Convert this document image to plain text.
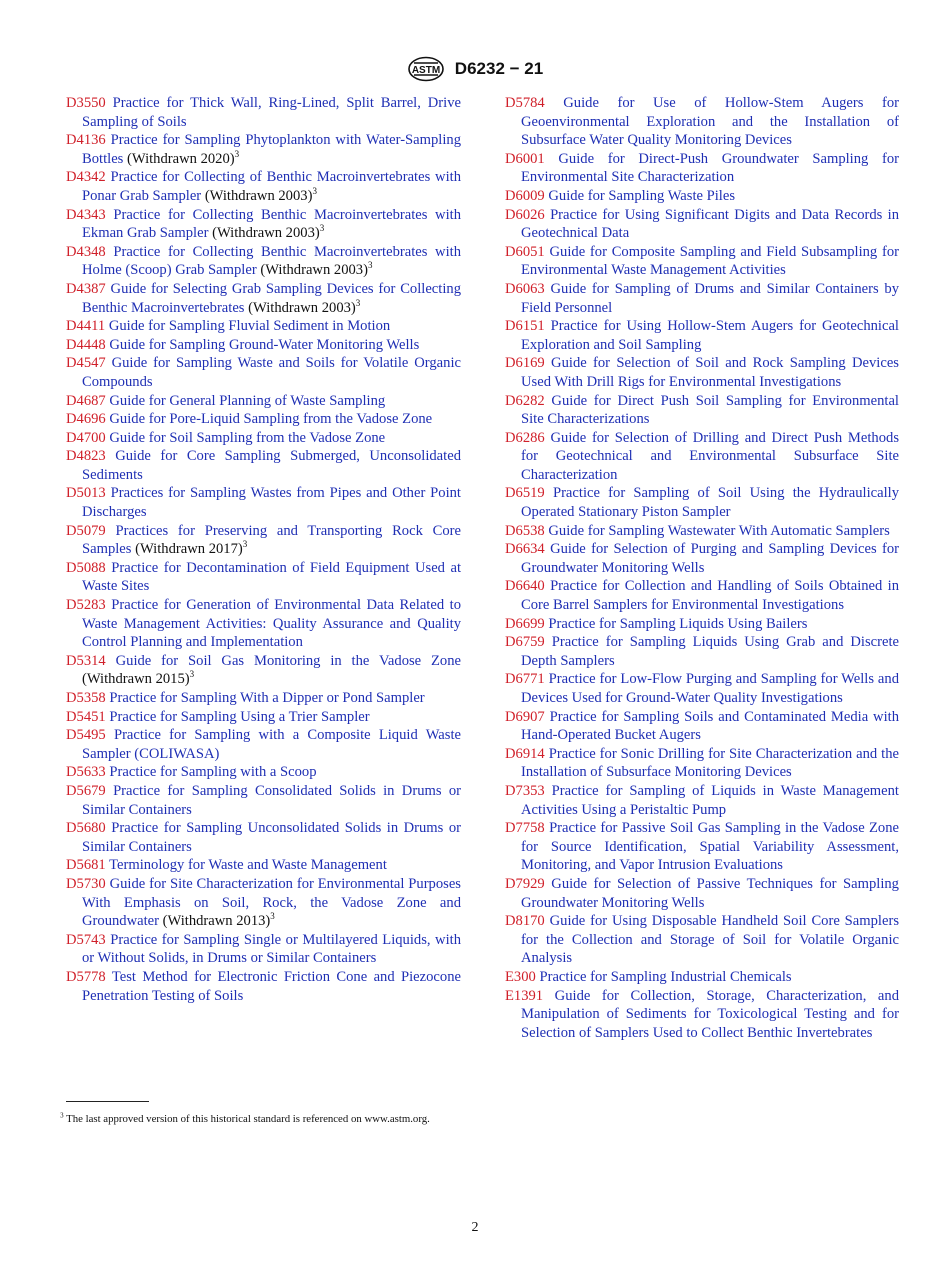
ASTM D6232 − 21

D3550 Practice for Thick Wall, Ring-Lined, Split Barrel, Drive Sampling of Soils

D4136 Practice for Sampling Phytoplankton with Water-Sampling Bottles (Withdrawn 2020)$^3$

D4342 Practice for Collecting of Benthic Macroinvertebrates with Ponar Grab Sampler (Withdrawn 2003)$^3$

D4343 Practice for Collecting Benthic Macroinvertebrates with Ekman Grab Sampler (Withdrawn 2003)$^3$

D4348 Practice for Collecting Benthic Macroinvertebrates with Holme (Scoop) Grab Sampler (Withdrawn 2003)$^3$

D4387 Guide for Selecting Grab Sampling Devices for Collecting Benthic Macroinvertebrates (Withdrawn 2003)$^3$

D4411 Guide for Sampling Fluvial Sediment in Motion

D4448 Guide for Sampling Ground-Water Monitoring Wells

D4547 Guide for Sampling Waste and Soils for Volatile Organic Compounds

D4687 Guide for General Planning of Waste Sampling

D4696 Guide for Pore-Liquid Sampling from the Vadose Zone

D4700 Guide for Soil Sampling from the Vadose Zone

D4823 Guide for Core Sampling Submerged, Unconsolidated Sediments

D5013 Practices for Sampling Wastes from Pipes and Other Point Discharges

D5079 Practices for Preserving and Transporting Rock Core Samples (Withdrawn 2017)$^3$

D5088 Practice for Decontamination of Field Equipment Used at Waste Sites

D5283 Practice for Generation of Environmental Data Related to Waste Management Activities: Quality Assurance and Quality Control Planning and Implementation

D5314 Guide for Soil Gas Monitoring in the Vadose Zone (Withdrawn 2015)$^3$

D5358 Practice for Sampling With a Dipper or Pond Sampler

D5451 Practice for Sampling Using a Trier Sampler

D5495 Practice for Sampling with a Composite Liquid Waste Sampler (COLIWASA)

D5633 Practice for Sampling with a Scoop

D5679 Practice for Sampling Consolidated Solids in Drums or Similar Containers

D5680 Practice for Sampling Unconsolidated Solids in Drums or Similar Containers

D5681 Terminology for Waste and Waste Management

D5730 Guide for Site Characterization for Environmental Purposes With Emphasis on Soil, Rock, the Vadose Zone and Groundwater (Withdrawn 2013)$^3$

D5743 Practice for Sampling Single or Multilayered Liquids, with or Without Solids, in Drums or Similar Containers

D5778 Test Method for Electronic Friction Cone and Piezocone Penetration Testing of Soils

D5784 Guide for Use of Hollow-Stem Augers for Geoenvironmental Exploration and the Installation of Subsurface Water Quality Monitoring Devices

D6001 Guide for Direct-Push Groundwater Sampling for Environmental Site Characterization

D6009 Guide for Sampling Waste Piles

D6026 Practice for Using Significant Digits and Data Records in Geotechnical Data

D6051 Guide for Composite Sampling and Field Subsampling for Environmental Waste Management Activities

D6063 Guide for Sampling of Drums and Similar Containers by Field Personnel

D6151 Practice for Using Hollow-Stem Augers for Geotechnical Exploration and Soil Sampling

D6169 Guide for Selection of Soil and Rock Sampling Devices Used With Drill Rigs for Environmental Investigations

D6282 Guide for Direct Push Soil Sampling for Environmental Site Characterizations

D6286 Guide for Selection of Drilling and Direct Push Methods for Geotechnical and Environmental Subsurface Site Characterization

D6519 Practice for Sampling of Soil Using the Hydraulically Operated Stationary Piston Sampler

D6538 Guide for Sampling Wastewater With Automatic Samplers

D6634 Guide for Selection of Purging and Sampling Devices for Groundwater Monitoring Wells

D6640 Practice for Collection and Handling of Soils Obtained in Core Barrel Samplers for Environmental Investigations

D6699 Practice for Sampling Liquids Using Bailers

D6759 Practice for Sampling Liquids Using Grab and Discrete Depth Samplers

D6771 Practice for Low-Flow Purging and Sampling for Wells and Devices Used for Ground-Water Quality Investigations

D6907 Practice for Sampling Soils and Contaminated Media with Hand-Operated Bucket Augers

D6914 Practice for Sonic Drilling for Site Characterization and the Installation of Subsurface Monitoring Devices

D7353 Practice for Sampling of Liquids in Waste Management Activities Using a Peristaltic Pump

D7758 Practice for Passive Soil Gas Sampling in the Vadose Zone for Source Identification, Spatial Variability Assessment, Monitoring, and Vapor Intrusion Evaluations

D7929 Guide for Selection of Passive Techniques for Sampling Groundwater Monitoring Wells

D8170 Guide for Using Disposable Handheld Soil Core Samplers for the Collection and Storage of Soil for Volatile Organic Analysis

E300 Practice for Sampling Industrial Chemicals

E1391 Guide for Collection, Storage, Characterization, and Manipulation of Sediments for Toxicological Testing and for Selection of Samplers Used to Collect Benthic Invertebrates

$^3$ The last approved version of this historical standard is referenced on www.astm.org.
2
